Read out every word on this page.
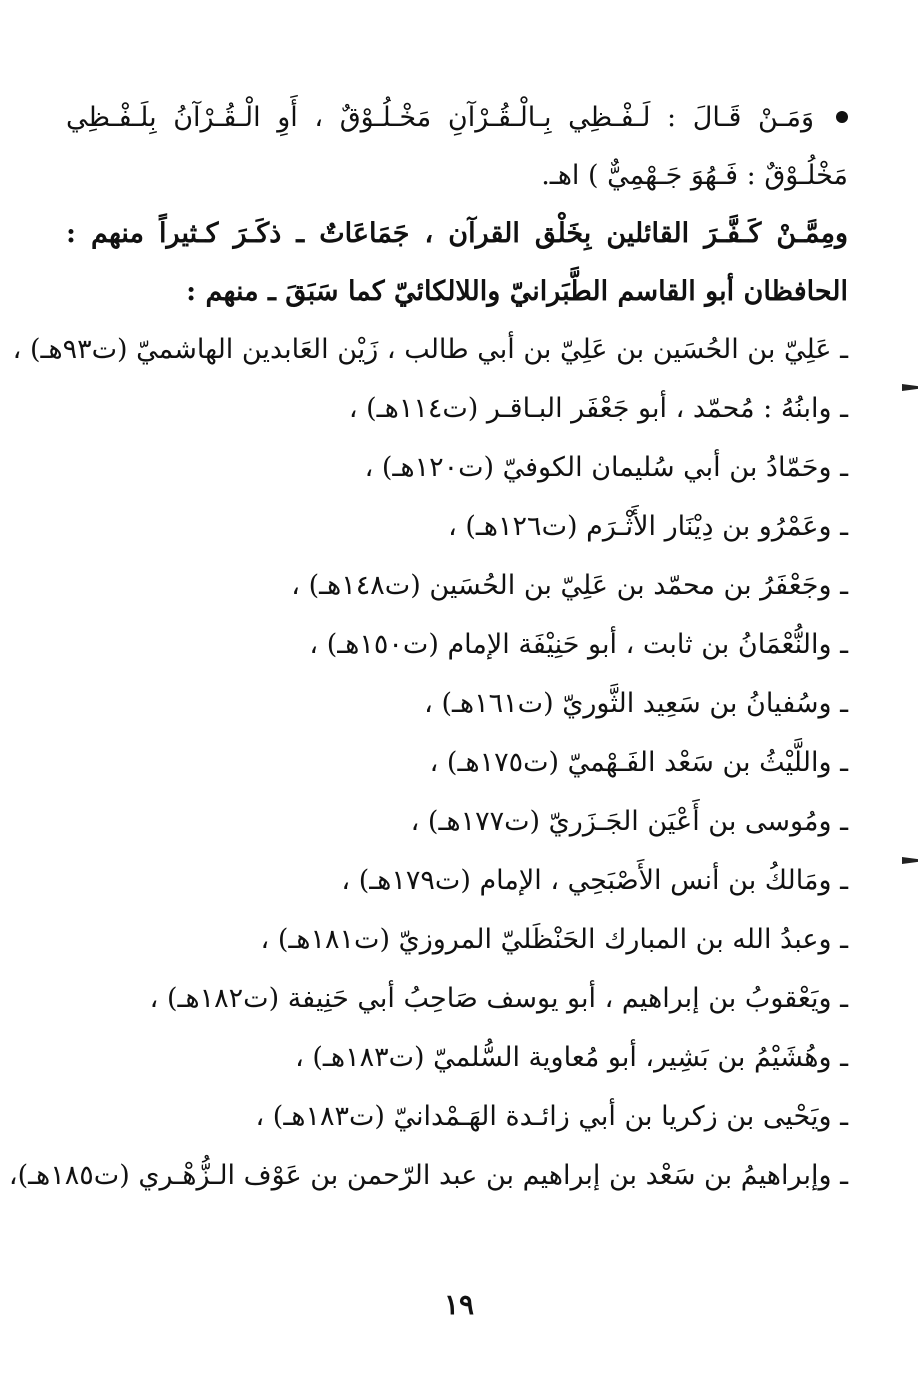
وَمَـنْ قَـالَ : لَـفْـظِي بِـالْـقُـرْآنِ مَخْـلُـوْقٌ ، أَوِ الْـقُـرْآنُ بِلَـفْـظِي
مَخْلُـوْقٌ : فَـهُوَ جَـهْمِيٌّ ) اهـ.
ومِمَّـنْ كَـفَّـرَ القائلين بِخَلْق القرآن ، جَمَاعَاتٌ ـ ذكَـرَ كـثيراً منهم :
الحافظان أبو القاسم الطَّبَرانيّ واللالكائيّ كما سَبَقَ ـ منهم :
ـ عَلِيّ بن الحُسَين بن عَلِيّ بن أبي طالب ، زَيْن العَابدين الهاشميّ (ت٩٣هـ) ،
ـ وابنُهُ : مُحمّد ، أبو جَعْفَر البـاقـر (ت١١٤هـ) ،
ـ وحَمّادُ بن أبي سُليمان الكوفيّ (ت١٢٠هـ) ،
ـ وعَمْرُو بن دِيْنَار الأَثْـرَم (ت١٢٦هـ) ،
ـ وجَعْفَرُ بن محمّد بن عَلِيّ بن الحُسَين (ت١٤٨هـ) ،
ـ والنُّعْمَانُ بن ثابت ، أبو حَنِيْفَة الإمام (ت١٥٠هـ) ،
ـ وسُفيانُ بن سَعِيد الثَّوريّ (ت١٦١هـ) ،
ـ واللَّيْثُ بن سَعْد الفَـهْميّ (ت١٧٥هـ) ،
ـ ومُوسى بن أَعْيَن الجَـزَريّ (ت١٧٧هـ) ،
ـ ومَالكُ بن أنس الأَصْبَحِي ، الإمام (ت١٧٩هـ) ،
ـ وعبدُ الله بن المبارك الحَنْظَليّ المروزيّ (ت١٨١هـ) ،
ـ ويَعْقوبُ بن إبراهيم ، أبو يوسف صَاحِبُ أبي حَنِيفة (ت١٨٢هـ) ،
ـ وهُشَيْمُ بن بَشِير، أبو مُعاوية السُّلميّ (ت١٨٣هـ) ،
ـ ويَحْيى بن زكريا بن أبي زائـدة الهَـمْدانيّ (ت١٨٣هـ) ،
ـ وإبراهيمُ بن سَعْد بن إبراهيم بن عبد الرّحمن بن عَوْف الـزُّهْـري (ت١٨٥هـ)،
١٩
